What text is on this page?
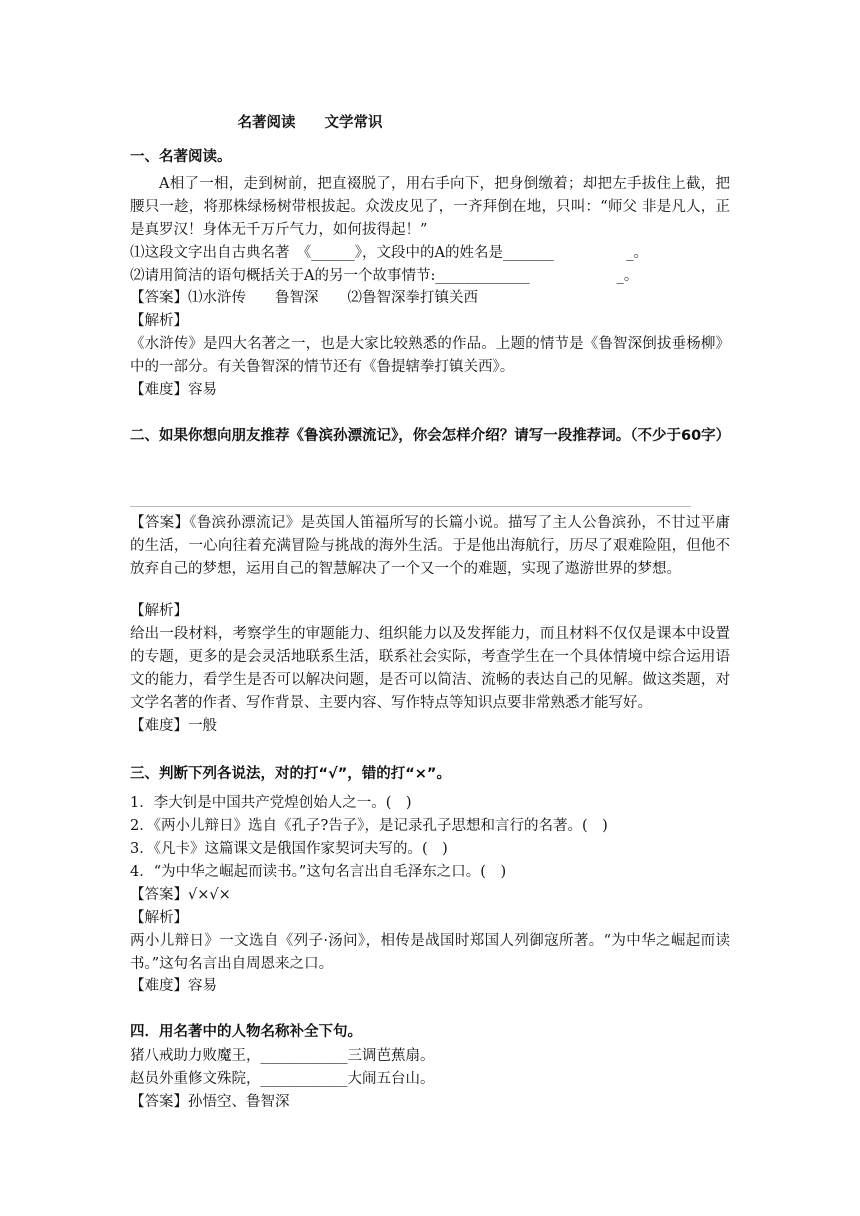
名著阅读　　文学常识
一、名著阅读。
A相了一相，走到树前，把直裰脱了，用右手向下，把身倒缴着；却把左手拔住上截，把腰只一趁，将那株绿杨树带根拔起。众泼皮见了，一齐拜倒在地，只叫：“师父 非是凡人，正是真罗汉！身体无千万斤气力，如何拔得起！”
⑴这段文字出自古典名著　《______》，文段中的A的姓名是_______　　　　　_。
⑵请用简洁的语句概括关于A的另一个故事情节:_____________　　　　　　_。
【答案】⑴水浒传　　鲁智深　　⑵鲁智深拳打镇关西
【解析】
《水浒传》是四大名著之一，也是大家比较熟悉的作品。上题的情节是《鲁智深倒拔垂杨柳》中的一部分。有关鲁智深的情节还有《鲁提辖拳打镇关西》。
【难度】容易
二、如果你想向朋友推荐《鲁滨孙漂流记》，你会怎样介绍？请写一段推荐词。（不少于60字）
【答案】《鲁滨孙漂流记》是英国人笛福所写的长篇小说。描写了主人公鲁滨孙，不甘过平庸的生活，一心向往着充满冒险与挑战的海外生活。于是他出海航行，历尽了艰难险阻，但他不放弃自己的梦想，运用自己的智慧解决了一个又一个的难题，实现了遨游世界的梦想。
【解析】
给出一段材料，考察学生的审题能力、组织能力以及发挥能力，而且材料不仅仅是课本中设置的专题，更多的是会灵活地联系生活，联系社会实际，考查学生在一个具体情境中综合运用语文的能力，看学生是否可以解决问题，是否可以简洁、流畅的表达自己的见解。做这类题，对文学名著的作者、写作背景、主要内容、写作特点等知识点要非常熟悉才能写好。
【难度】一般
三、判断下列各说法，对的打“√”，错的打“×”。
1．李大钊是中国共产党煌创始人之一。(　)
2．《两小儿辩日》选自《孔子?告子》，是记录孔子思想和言行的名著。(　)
3．《凡卡》这篇课文是俄国作家契诃夫写的。(　)
4．“为中华之崛起而读书。”这句名言出自毛泽东之口。(　)
【答案】√×√×
【解析】
两小儿辩日》一文选自《列子·汤问》，相传是战国时郑国人列御寇所著。“为中华之崛起而读书。”这句名言出自周恩来之口。
【难度】容易
四．用名著中的人物名称补全下句。
猪八戒助力败魔王，____________三调芭蕉扇。
赵员外重修文殊院，____________大闹五台山。
【答案】孙悟空、鲁智深
